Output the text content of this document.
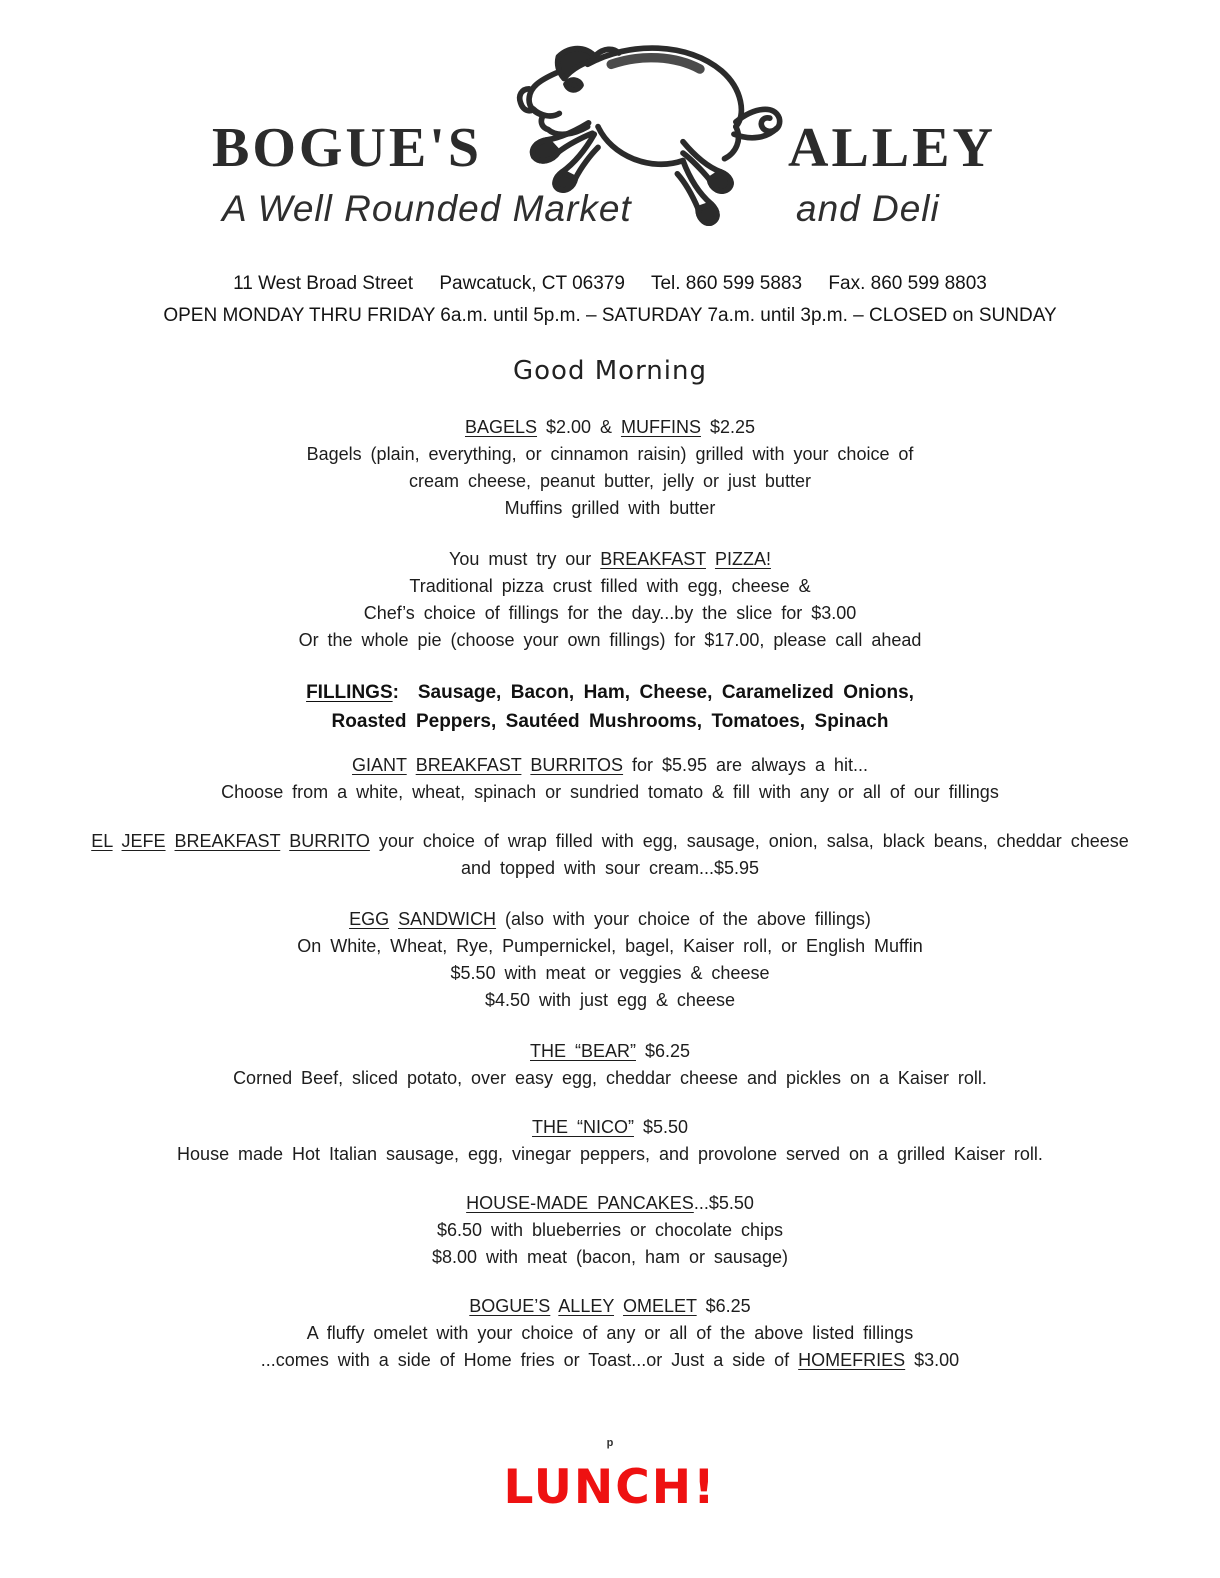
BOGUE'S	ALLEY
A Well Rounded Market	and Deli

11 West Broad Street     Pawcatuck, CT 06379     Tel. 860 599 5883     Fax. 860 599 8803

OPEN MONDAY THRU FRIDAY 6a.m. until 5p.m. – SATURDAY 7a.m. until 3p.m. – CLOSED on SUNDAY

Good Morning

BAGELS $2.00 & MUFFINS $2.25

Bagels (plain, everything, or cinnamon raisin) grilled with your choice of

cream cheese, peanut butter, jelly or just butter

Muffins grilled with butter

You must try our BREAKFAST PIZZA!

Traditional pizza crust filled with egg, cheese &

Chef’s choice of fillings for the day...by the slice for $3.00

Or the whole pie (choose your own fillings) for $17.00, please call ahead

FILLINGS:  Sausage, Bacon, Ham, Cheese, Caramelized Onions,

Roasted Peppers, Sautéed Mushrooms, Tomatoes, Spinach

GIANT BREAKFAST BURRITOS for $5.95 are always a hit...

Choose from a white, wheat, spinach or sundried tomato & fill with any or all of our fillings

EL JEFE BREAKFAST BURRITO your choice of wrap filled with egg, sausage, onion, salsa, black beans, cheddar cheese

and topped with sour cream...$5.95

EGG SANDWICH (also with your choice of the above fillings)

On White, Wheat, Rye, Pumpernickel, bagel, Kaiser roll, or English Muffin

$5.50 with meat or veggies & cheese

$4.50 with just egg & cheese

THE “BEAR” $6.25

Corned Beef, sliced potato, over easy egg, cheddar cheese and pickles on a Kaiser roll.

THE “NICO” $5.50

House made Hot Italian sausage, egg, vinegar peppers, and provolone served on a grilled Kaiser roll.

HOUSE-MADE PANCAKES...$5.50

$6.50 with blueberries or chocolate chips

$8.00 with meat (bacon, ham or sausage)

BOGUE’S ALLEY OMELET $6.25

A fluffy omelet with your choice of any or all of the above listed fillings

...comes with a side of Home fries or Toast...or Just a side of HOMEFRIES $3.00

p

LUNCH!
